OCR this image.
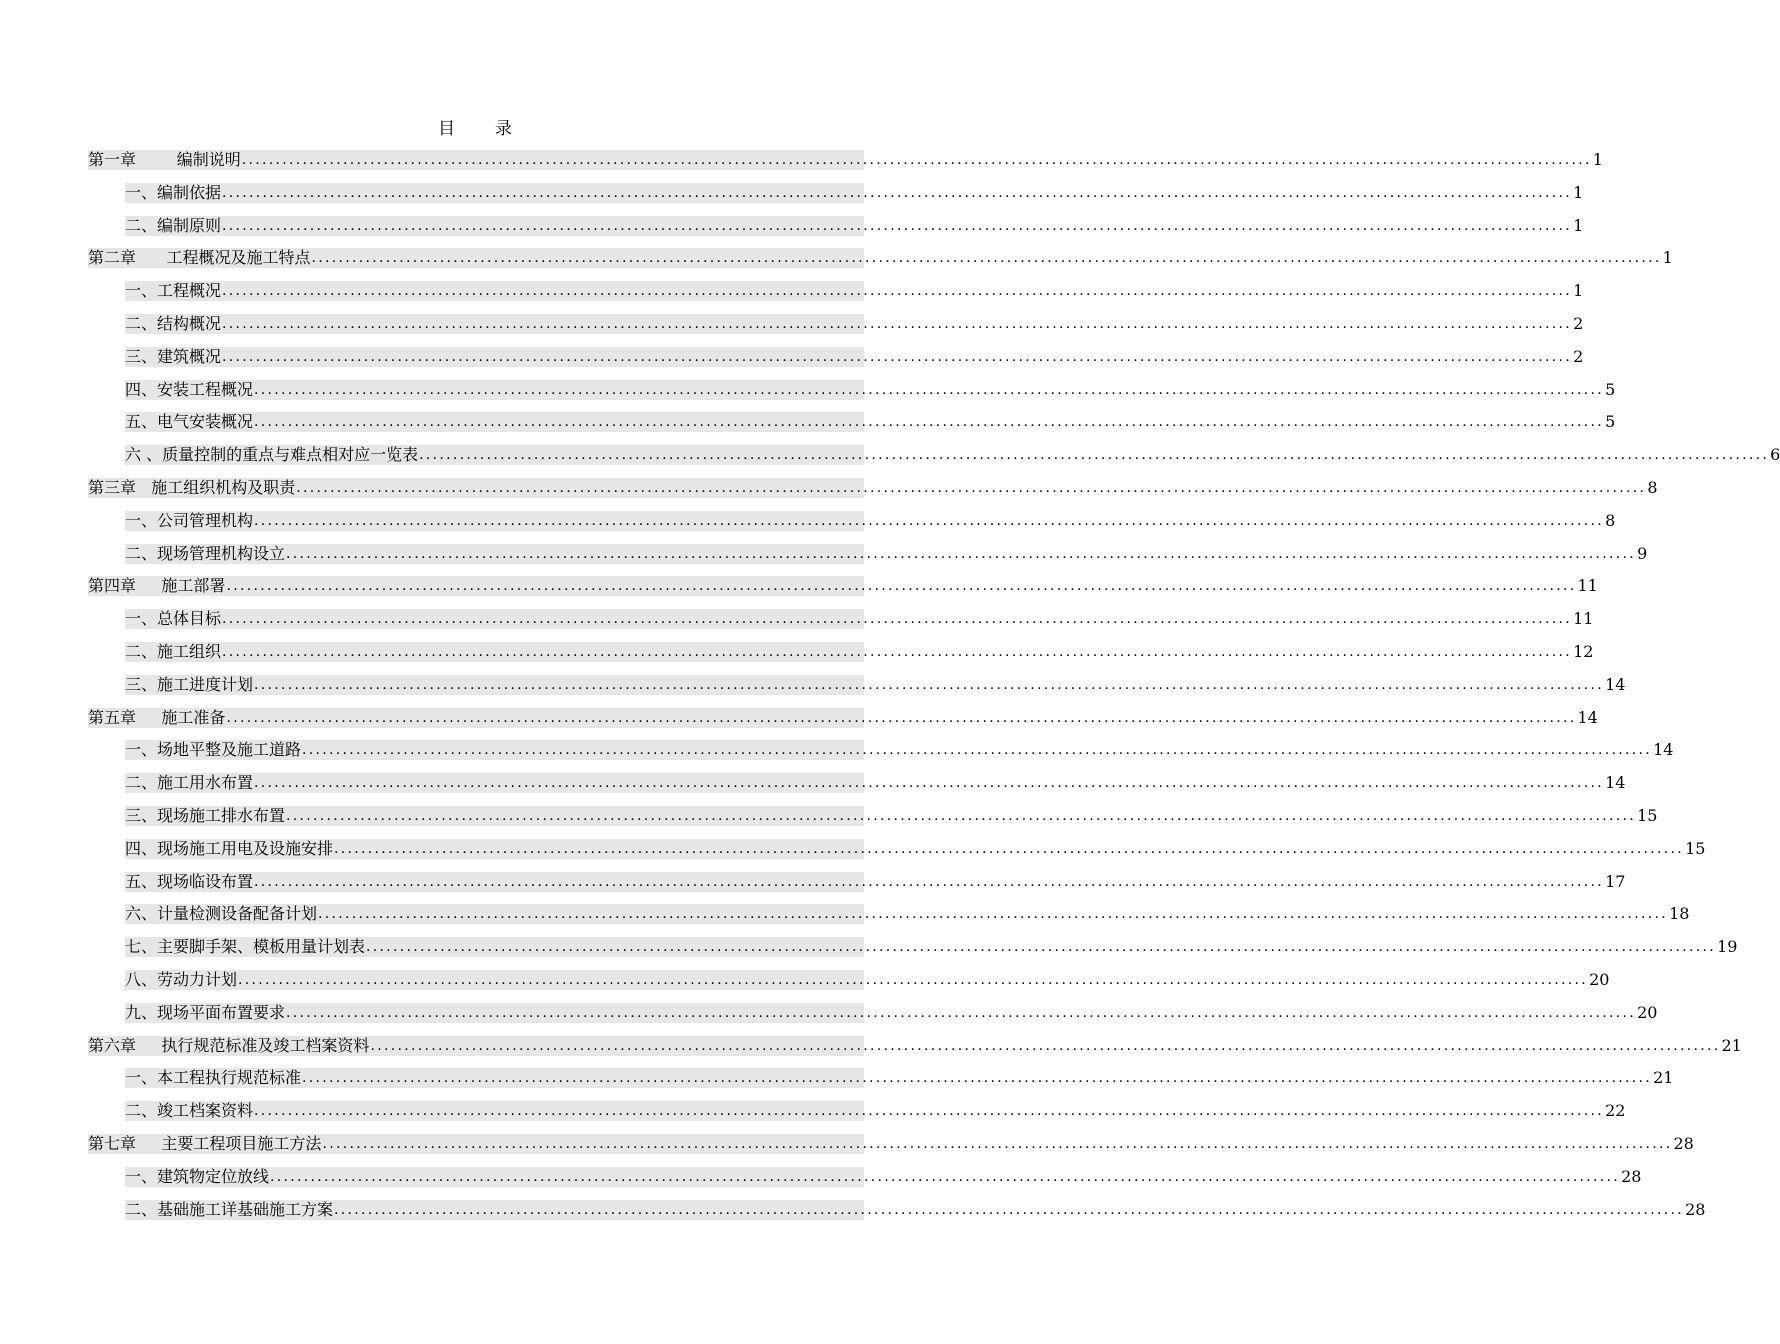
目 录
第一章        编制说明 ........................................................................................................................................................................................................ 1
一、编制依据 ........................................................................................................................................................................................................ 1
二、编制原则 ........................................................................................................................................................................................................ 1
第二章      工程概况及施工特点 ........................................................................................................................................................................................................ 1
一、工程概况 ........................................................................................................................................................................................................ 1
二、结构概况 ........................................................................................................................................................................................................ 2
三、建筑概况 ........................................................................................................................................................................................................ 2
四、安装工程概况 ........................................................................................................................................................................................................ 5
五、电气安装概况 ........................................................................................................................................................................................................ 5
六 、质量控制的重点与难点相对应一览表 ........................................................................................................................................................................................................ 6
第三章   施工组织机构及职责 ........................................................................................................................................................................................................ 8
一、公司管理机构 ........................................................................................................................................................................................................ 8
二、现场管理机构设立 ........................................................................................................................................................................................................ 9
第四章     施工部署 ........................................................................................................................................................................................................ 11
一、总体目标 ........................................................................................................................................................................................................ 11
二、施工组织 ........................................................................................................................................................................................................ 12
三、施工进度计划 ........................................................................................................................................................................................................ 14
第五章     施工准备 ........................................................................................................................................................................................................ 14
一、场地平整及施工道路 ........................................................................................................................................................................................................ 14
二、施工用水布置 ........................................................................................................................................................................................................ 14
三、现场施工排水布置 ........................................................................................................................................................................................................ 15
四、现场施工用电及设施安排 ........................................................................................................................................................................................................ 15
五、现场临设布置 ........................................................................................................................................................................................................ 17
六、计量检测设备配备计划 ........................................................................................................................................................................................................ 18
七、主要脚手架、模板用量计划表 ........................................................................................................................................................................................................ 19
八、劳动力计划 ........................................................................................................................................................................................................ 20
九、现场平面布置要求 ........................................................................................................................................................................................................ 20
第六章     执行规范标准及竣工档案资料 ........................................................................................................................................................................................................ 21
一、本工程执行规范标准 ........................................................................................................................................................................................................ 21
二、竣工档案资料 ........................................................................................................................................................................................................ 22
第七章     主要工程项目施工方法 ........................................................................................................................................................................................................ 28
一、建筑物定位放线 ........................................................................................................................................................................................................ 28
二、基础施工详基础施工方案 ........................................................................................................................................................................................................ 28
